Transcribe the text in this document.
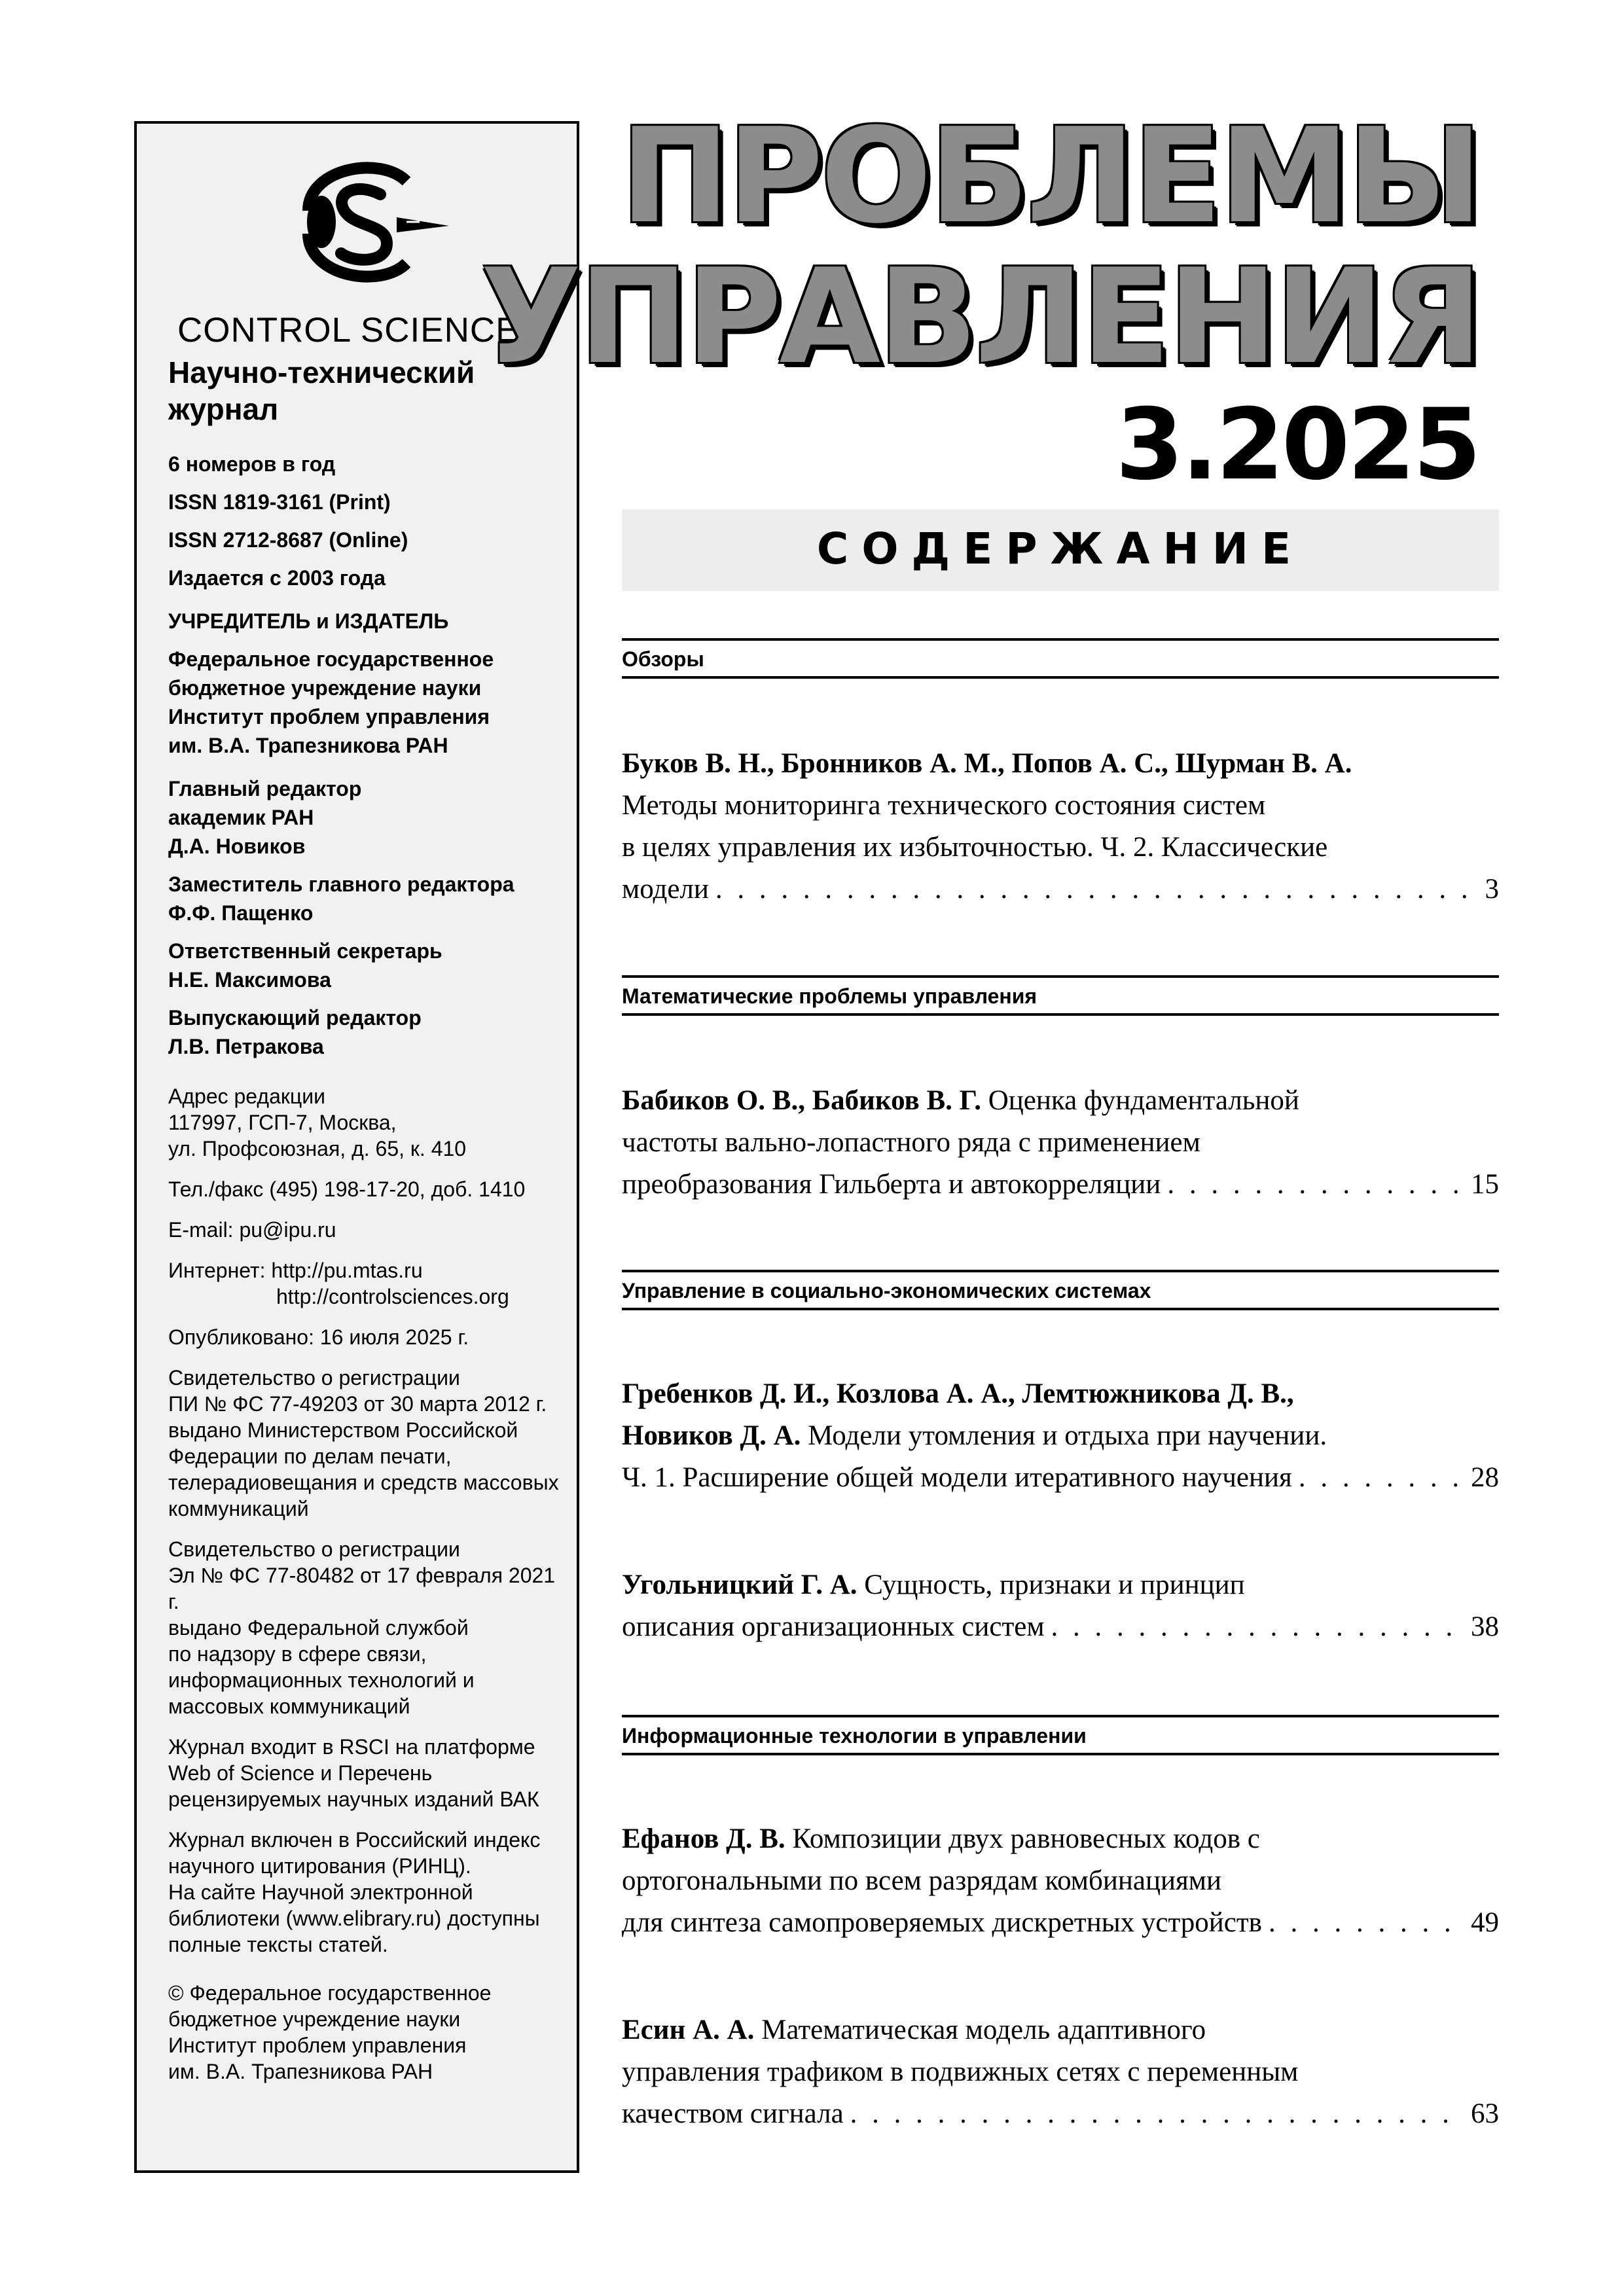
CONTROL SCIENCES
Научно-технический журнал
6 номеров в год
ISSN 1819-3161 (Print)
ISSN 2712-8687 (Online)
Издается с 2003 года
УЧРЕДИТЕЛЬ и ИЗДАТЕЛЬ
Федеральное государственное
бюджетное учреждение науки
Институт проблем управления
им. В.А. Трапезникова РАН
Главный редактор
академик РАН
Д.А. Новиков
Заместитель главного редактора
Ф.Ф. Пащенко
Ответственный секретарь
Н.Е. Максимова
Выпускающий редактор
Л.В. Петракова
Адрес редакции
117997, ГСП-7, Москва,
ул. Профсоюзная, д. 65, к. 410
Тел./факс (495) 198-17-20, доб. 1410
E-mail: pu@ipu.ru
Интернет: http://pu.mtas.ru
http://controlsciences.org
Опубликовано: 16 июля 2025 г.
Свидетельство о регистрации
ПИ № ФС 77-49203 от 30 марта 2012 г.
выдано Министерством Российской
Федерации по делам печати,
телерадиовещания и средств массовых
коммуникаций
Свидетельство о регистрации
Эл № ФС 77-80482 от 17 февраля 2021 г.
выдано Федеральной службой
по надзору в сфере связи,
информационных технологий и
массовых коммуникаций
Журнал входит в RSCI на платформе
Web of Science и Перечень
рецензируемых научных изданий ВАК
Журнал включен в Российский индекс
научного цитирования (РИНЦ).
На сайте Научной электронной
библиотеки (www.elibrary.ru) доступны
полные тексты статей.
© Федеральное государственное
бюджетное учреждение науки
Институт проблем управления
им. В.А. Трапезникова РАН
ПРОБЛЕМЫ
УПРАВЛЕНИЯ
3.2025
СОДЕРЖАНИЕ
Обзоры
Буков В. Н., Бронников А. М., Попов А. С., Шурман В. А.
Методы мониторинга технического состояния систем
в целях управления их избыточностью. Ч. 2. Классические
модели . . .	3
Математические проблемы управления
Бабиков О. В., Бабиков В. Г. Оценка фундаментальной
частоты вально-лопастного ряда с применением
преобразования Гильберта и автокорреляции . . .	15
Управление в социально-экономических системах
Гребенков Д. И., Козлова А. А., Лемтюжникова Д. В.,
Новиков Д. А. Модели утомления и отдыха при научении.
Ч. 1. Расширение общей модели итеративного научения . . .	28
Угольницкий Г. А. Сущность, признаки и принцип
описания организационных систем . . .	38
Информационные технологии в управлении
Ефанов Д. В. Композиции двух равновесных кодов с
ортогональными по всем разрядам комбинациями
для синтеза самопроверяемых дискретных устройств . . .	49
Есин А. А. Математическая модель адаптивного
управления трафиком в подвижных сетях с переменным
качеством сигнала . . .	63
